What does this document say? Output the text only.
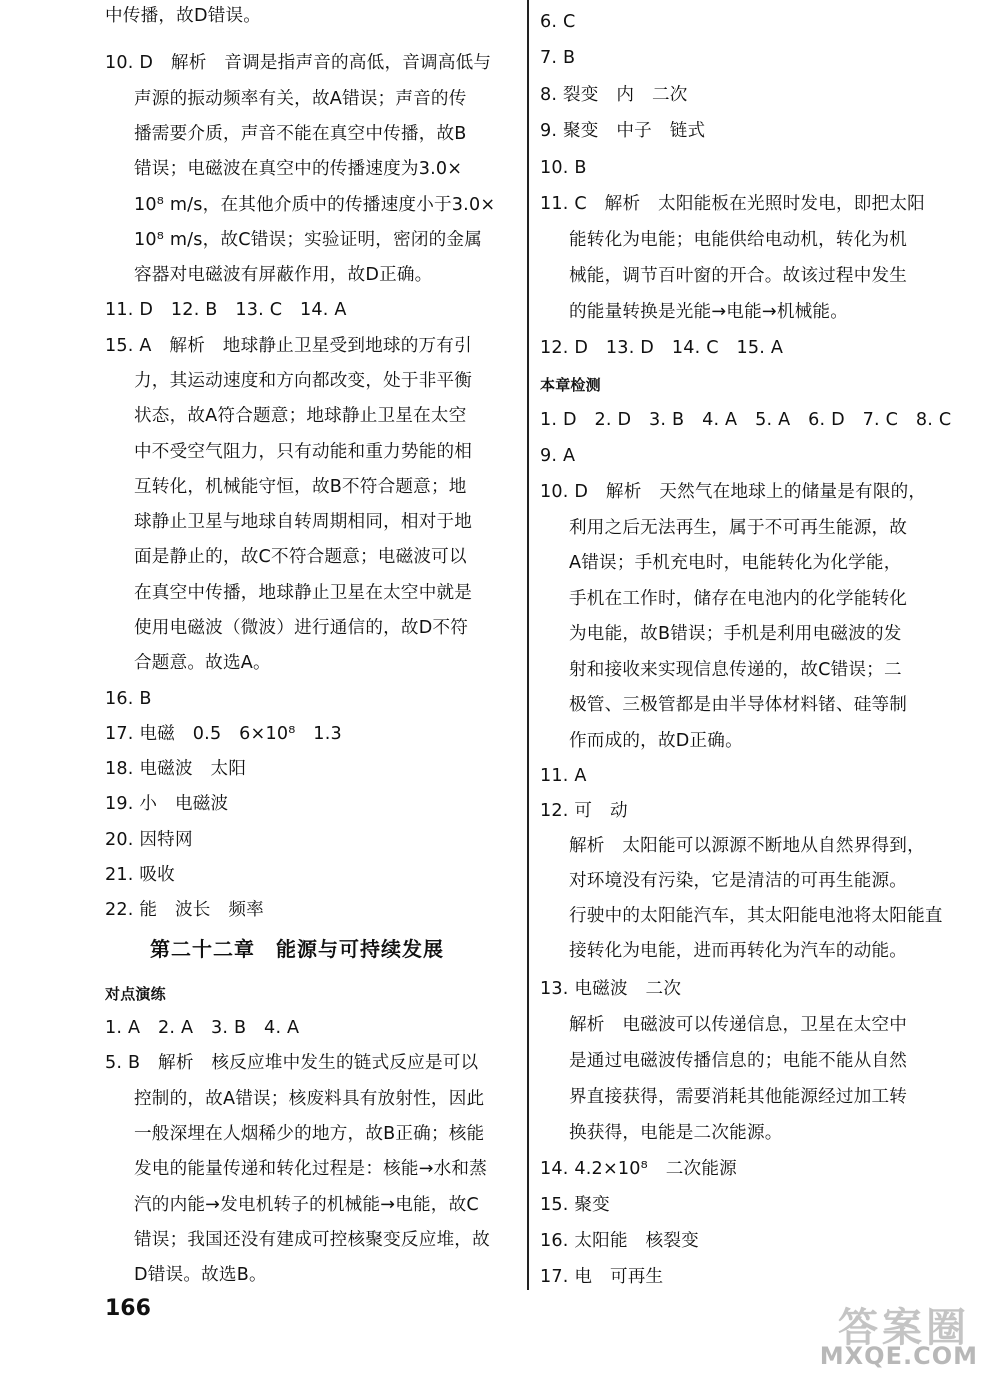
中传播，故D错误。
10. D　解析　音调是指声音的高低，音调高低与
声源的振动频率有关，故A错误；声音的传
播需要介质，声音不能在真空中传播，故B
错误；电磁波在真空中的传播速度为3.0×
10⁸ m/s，在其他介质中的传播速度小于3.0×
10⁸ m/s，故C错误；实验证明，密闭的金属
容器对电磁波有屏蔽作用，故D正确。
11. D　12. B　13. C　14. A
15. A　解析　地球静止卫星受到地球的万有引
力，其运动速度和方向都改变，处于非平衡
状态，故A符合题意；地球静止卫星在太空
中不受空气阻力，只有动能和重力势能的相
互转化，机械能守恒，故B不符合题意；地
球静止卫星与地球自转周期相同，相对于地
面是静止的，故C不符合题意；电磁波可以
在真空中传播，地球静止卫星在太空中就是
使用电磁波（微波）进行通信的，故D不符
合题意。故选A。
16. B
17. 电磁　0.5　6×10⁸　1.3
18. 电磁波　太阳
19. 小　电磁波
20. 因特网
21. 吸收
22. 能　波长　频率
第二十二章　能源与可持续发展
对点演练
1. A　2. A　3. B　4. A
5. B　解析　核反应堆中发生的链式反应是可以
控制的，故A错误；核废料具有放射性，因此
一般深埋在人烟稀少的地方，故B正确；核能
发电的能量传递和转化过程是：核能→水和蒸
汽的内能→发电机转子的机械能→电能，故C
错误；我国还没有建成可控核聚变反应堆，故
D错误。故选B。
6. C
7. B
8. 裂变　内　二次
9. 聚变　中子　链式
10. B
11. C　解析　太阳能板在光照时发电，即把太阳
能转化为电能；电能供给电动机，转化为机
械能，调节百叶窗的开合。故该过程中发生
的能量转换是光能→电能→机械能。
12. D　13. D　14. C　15. A
本章检测
1. D　2. D　3. B　4. A　5. A　6. D　7. C　8. C
9. A
10. D　解析　天然气在地球上的储量是有限的，
利用之后无法再生，属于不可再生能源，故
A错误；手机充电时，电能转化为化学能，
手机在工作时，储存在电池内的化学能转化
为电能，故B错误；手机是利用电磁波的发
射和接收来实现信息传递的，故C错误；二
极管、三极管都是由半导体材料锗、硅等制
作而成的，故D正确。
11. A
12. 可　动
解析　太阳能可以源源不断地从自然界得到，
对环境没有污染，它是清洁的可再生能源。
行驶中的太阳能汽车，其太阳能电池将太阳能直
接转化为电能，进而再转化为汽车的动能。
13. 电磁波　二次
解析　电磁波可以传递信息，卫星在太空中
是通过电磁波传播信息的；电能不能从自然
界直接获得，需要消耗其他能源经过加工转
换获得，电能是二次能源。
14. 4.2×10⁸　二次能源
15. 聚变
16. 太阳能　核裂变
17. 电　可再生
166	答案圈
MXQE.COM
